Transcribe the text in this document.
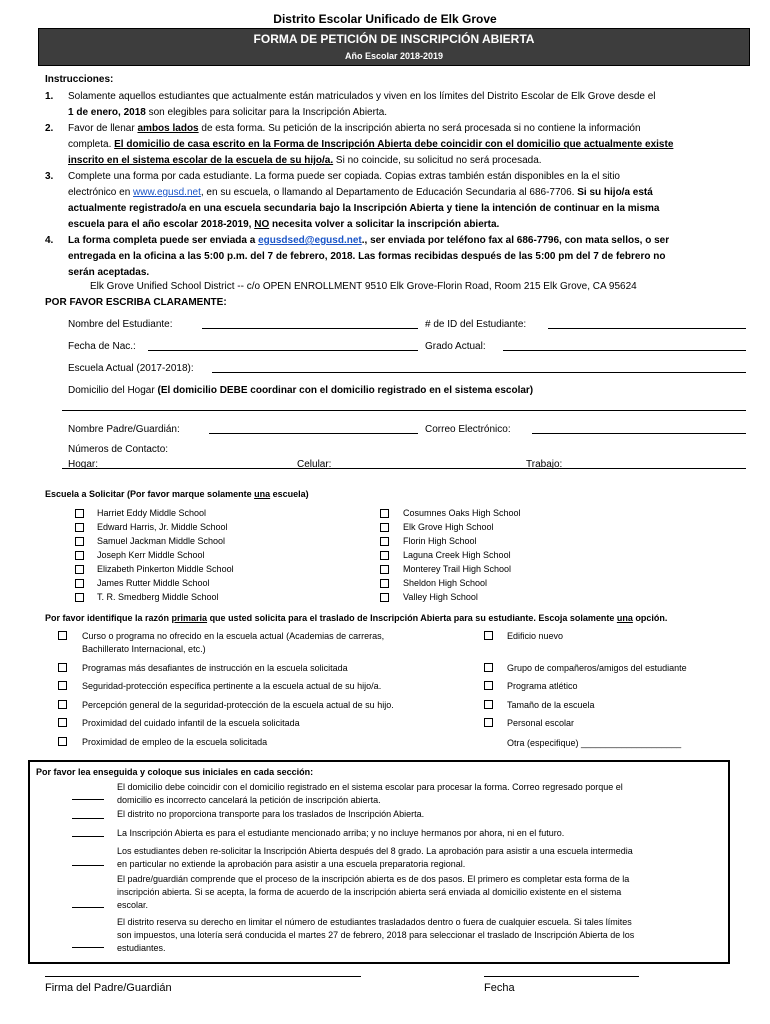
Distrito Escolar Unificado de Elk Grove
FORMA DE PETICIÓN DE INSCRIPCIÓN ABIERTA
Año Escolar 2018-2019
Instrucciones:
1. Solamente aquellos estudiantes que actualmente están matriculados y viven en los límites del Distrito Escolar de Elk Grove desde el
1 de enero, 2018 son elegibles para solicitar para la Inscripción Abierta.
2. Favor de llenar ambos lados de esta forma. Su petición de la inscripción abierta no será procesada si no contiene la información
completa. El domicilio de casa escrito en la Forma de Inscripción Abierta debe coincidir con el domicilio que actualmente existe
inscrito en el sistema escolar de la escuela de su hijo/a. Si no coincide, su solicitud no será procesada.
3. Complete una forma por cada estudiante. La forma puede ser copiada. Copias extras también están disponibles en la el sitio
electrónico en www.egusd.net, en su escuela, o llamando al Departamento de Educación Secundaria al 686-7706. Si su hijo/a está
actualmente registrado/a en una escuela secundaria bajo la Inscripción Abierta y tiene la intención de continuar en la misma
escuela para el año escolar 2018-2019, NO necesita volver a solicitar la inscripción abierta.
4. La forma completa puede ser enviada a egusdsed@egusd.net., ser enviada por teléfono fax al 686-7796, con mata sellos, o ser
entregada en la oficina a las 5:00 p.m. del 7 de febrero, 2018. Las formas recibidas después de las 5:00 pm del 7 de febrero no
serán aceptadas.
Elk Grove Unified School District -- c/o OPEN ENROLLMENT 9510 Elk Grove-Florin Road, Room 215 Elk Grove, CA 95624
POR FAVOR ESCRIBA CLARAMENTE:
Nombre del Estudiante:	# de ID del Estudiante:
Fecha de Nac.:	Grado Actual:
Escuela Actual (2017-2018):
Domicilio del Hogar (El domicilio DEBE coordinar con el domicilio registrado en el sistema escolar)
Nombre Padre/Guardián:	Correo Electrónico:
Números de Contacto:
Hogar:	Celular:	Trabajo:
Escuela a Solicitar (Por favor marque solamente una escuela)
Harriet Eddy Middle School
Edward Harris, Jr. Middle School
Samuel Jackman Middle School
Joseph Kerr Middle School
Elizabeth Pinkerton Middle School
James Rutter Middle School
T. R. Smedberg Middle School
Cosumnes Oaks High School
Elk Grove High School
Florin High School
Laguna Creek High School
Monterey Trail High School
Sheldon High School
Valley High School
Por favor identifique la razón primaria que usted solicita para el traslado de Inscripción Abierta para su estudiante. Escoja solamente una opción.
Curso o programa no ofrecido en la escuela actual (Academias de carreras,
Bachillerato Internacional, etc.)
Programas más desafiantes de instrucción en la escuela solicitada
Seguridad-protección específica pertinente a la escuela actual de su hijo/a.
Percepción general de la seguridad-protección de la escuela actual de su hijo.
Proximidad del cuidado infantil de la escuela solicitada
Proximidad de empleo de la escuela solicitada
Edificio nuevo
Grupo de compañeros/amigos del estudiante
Programa atlético
Tamaño de la escuela
Personal escolar
Otra (especifique) ____________________
Por favor lea enseguida y coloque sus iniciales en cada sección:
El domicilio debe coincidir con el domicilio registrado en el sistema escolar para procesar la forma. Correo regresado porque el
domicilio es incorrecto cancelará la petición de inscripción abierta.
El distrito no proporciona transporte para los traslados de Inscripción Abierta.
La Inscripción Abierta es para el estudiante mencionado arriba; y no incluye hermanos por ahora, ni en el futuro.
Los estudiantes deben re-solicitar la Inscripción Abierta después del 8 grado. La aprobación para asistir a una escuela intermedia
en particular no extiende la aprobación para asistir a una escuela preparatoria regional.
El padre/guardián comprende que el proceso de la inscripción abierta es de dos pasos. El primero es completar esta forma de la
inscripción abierta. Si se acepta, la forma de acuerdo de la inscripción abierta será enviada al domicilio existente en el sistema
escolar.
El distrito reserva su derecho en limitar el número de estudiantes trasladados dentro o fuera de cualquier escuela. Si tales límites
son impuestos, una lotería será conducida el martes 27 de febrero, 2018 para seleccionar el traslado de Inscripción Abierta de los
estudiantes.
Firma del Padre/Guardián	Fecha
